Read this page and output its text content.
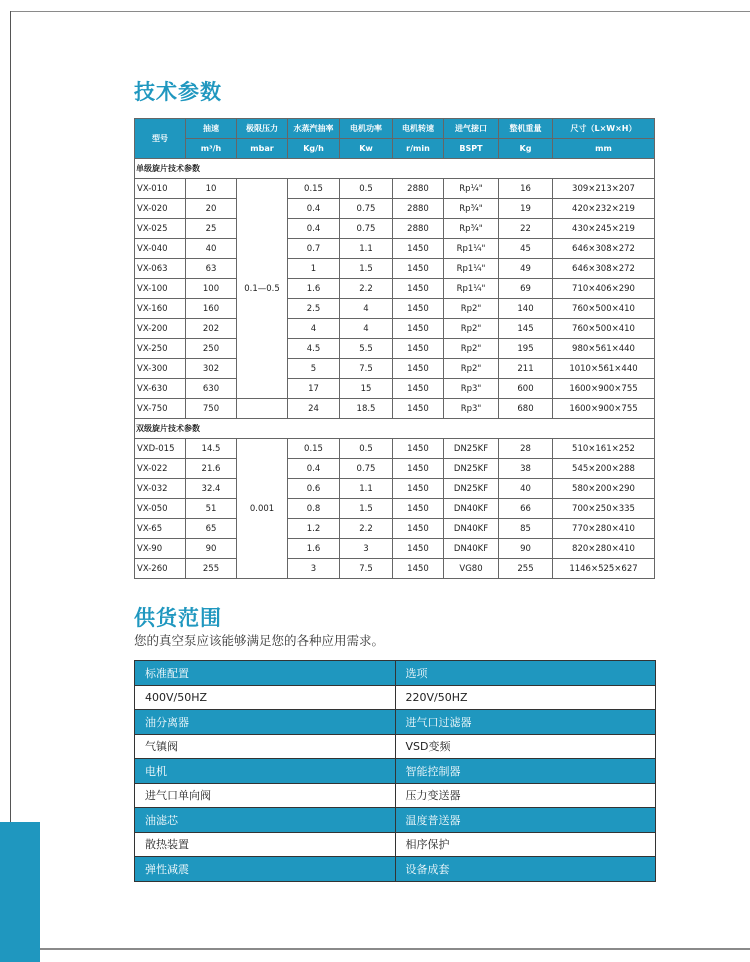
技术参数
型号	抽速	极限压力	水蒸汽抽率	电机功率	电机转速	进气接口	整机重量	尺寸（L×W×H）
	m³/h	mbar	Kg/h	Kw	r/min	BSPT	Kg	mm
单级旋片技术参数								
VX-010	10	0.1—0.5	0.15	0.5	2880	Rp¼"	16	309×213×207
VX-020	20		0.4	0.75	2880	Rp¾"	19	420×232×219
VX-025	25		0.4	0.75	2880	Rp¾"	22	430×245×219
VX-040	40		0.7	1.1	1450	Rp1¼"	45	646×308×272
VX-063	63		1	1.5	1450	Rp1¼"	49	646×308×272
VX-100	100		1.6	2.2	1450	Rp1¼"	69	710×406×290
VX-160	160		2.5	4	1450	Rp2"	140	760×500×410
VX-200	202		4	4	1450	Rp2"	145	760×500×410
VX-250	250		4.5	5.5	1450	Rp2"	195	980×561×440
VX-300	302		5	7.5	1450	Rp2"	211	1010×561×440
VX-630	630		17	15	1450	Rp3"	600	1600×900×755
VX-750	750		24	18.5	1450	Rp3"	680	1600×900×755
双级旋片技术参数								
VXD-015	14.5	0.001	0.15	0.5	1450	DN25KF	28	510×161×252
VX-022	21.6		0.4	0.75	1450	DN25KF	38	545×200×288
VX-032	32.4		0.6	1.1	1450	DN25KF	40	580×200×290
VX-050	51		0.8	1.5	1450	DN40KF	66	700×250×335
VX-65	65		1.2	2.2	1450	DN40KF	85	770×280×410
VX-90	90		1.6	3	1450	DN40KF	90	820×280×410
VX-260	255		3	7.5	1450	VG80	255	1146×525×627
供货范围
您的真空泵应该能够满足您的各种应用需求。
标准配置	选项
400V/50HZ	220V/50HZ
油分离器	进气口过滤器
气镇阀	VSD变频
电机	智能控制器
进气口单向阀	压力变送器
油滤芯	温度普送器
散热装置	相序保护
弹性减震	设备成套
